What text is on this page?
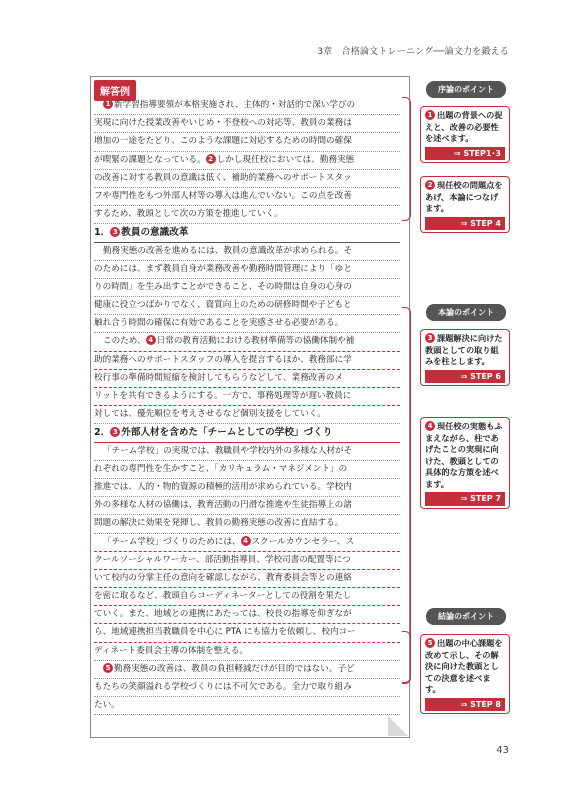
3章　合格論文トレーニング──論文力を鍛える
解答例
1 新学習指導要領が本格実施され、主体的・対話的で深い学びの
実現に向けた授業改善やいじめ・不登校への対応等、教員の業務は
増加の一途をたどり、このような課題に対応するための時間の確保
が喫緊の課題となっている。 2 しかし現任校においては、勤務実態
の改善に対する教員の意識は低く、補助的業務へのサポートスタッ
フや専門性をもつ外部人材等の導入は進んでいない。この点を改善
するため、教頭として次の方策を推進していく。
1． 3 教員の意識改革
勤務実態の改善を進めるには、教員の意識改革が求められる。そ
のためには、まず教員自身が業務改善や勤務時間管理により「ゆと
りの時間」を生み出すことができること、その時間は自身の心身の
健康に役立つばかりでなく、資質向上のための研修時間や子どもと
触れ合う時間の確保に有効であることを実感させる必要がある。
このため、 4 日常の教育活動における教材準備等の協働体制や補
助的業務へのサポートスタッフの導入を提言するほか、教務部に学
校行事の準備時間短縮を検討してもらうなどして、業務改善のメ
リットを共有できるようにする。一方で、事務処理等が遅い教員に
対しては、優先順位を考えさせるなど個別支援をしていく。
2． 3 外部人材を含めた「チームとしての学校」づくり
「チーム学校」の実現では、教職員や学校内外の多様な人材がそ
れぞれの専門性を生かすこと、「カリキュラム・マネジメント」の
推進では、人的・物的資源の積極的活用が求められている。学校内
外の多様な人材の協働は、教育活動の円滑な推進や生徒指導上の諸
問題の解決に効果を発揮し、教員の勤務実態の改善に直結する。
「チーム学校」づくりのためには、 4 スクールカウンセラー、ス
クールソーシャルワーカー、部活動指導員、学校司書の配置等につ
いて校内の分掌主任の意向を確認しながら、教育委員会等との連絡
を密に取るなど、教頭自らコーディネーターとしての役割を果たし
ていく。また、地域との連携にあたっては、校長の指導を仰ぎなが
ら、地域連携担当教職員を中心に PTA にも協力を依頼し、校内コー
ディネート委員会主導の体制を整える。
5 勤務実態の改善は、教員の負担軽減だけが目的ではない。子ど
もたちの笑顔溢れる学校づくりには不可欠である。全力で取り組み
たい。
序論のポイント
本論のポイント
結論のポイント
1 出題の背景への捉えと、改善の必要性を述べます。
⇒ STEP1･3
2 現任校の問題点をあげ、本論につなげます。
⇒ STEP 4
3 課題解決に向けた教頭としての取り組みを柱とします。
⇒ STEP 6
4 現任校の実態もふまえながら、柱であげたことの実現に向けた、教頭としての具体的な方策を述べます。
⇒ STEP 7
5 出題の中心課題を改めて示し、その解決に向けた教頭としての決意を述べます。
⇒ STEP 8
43
